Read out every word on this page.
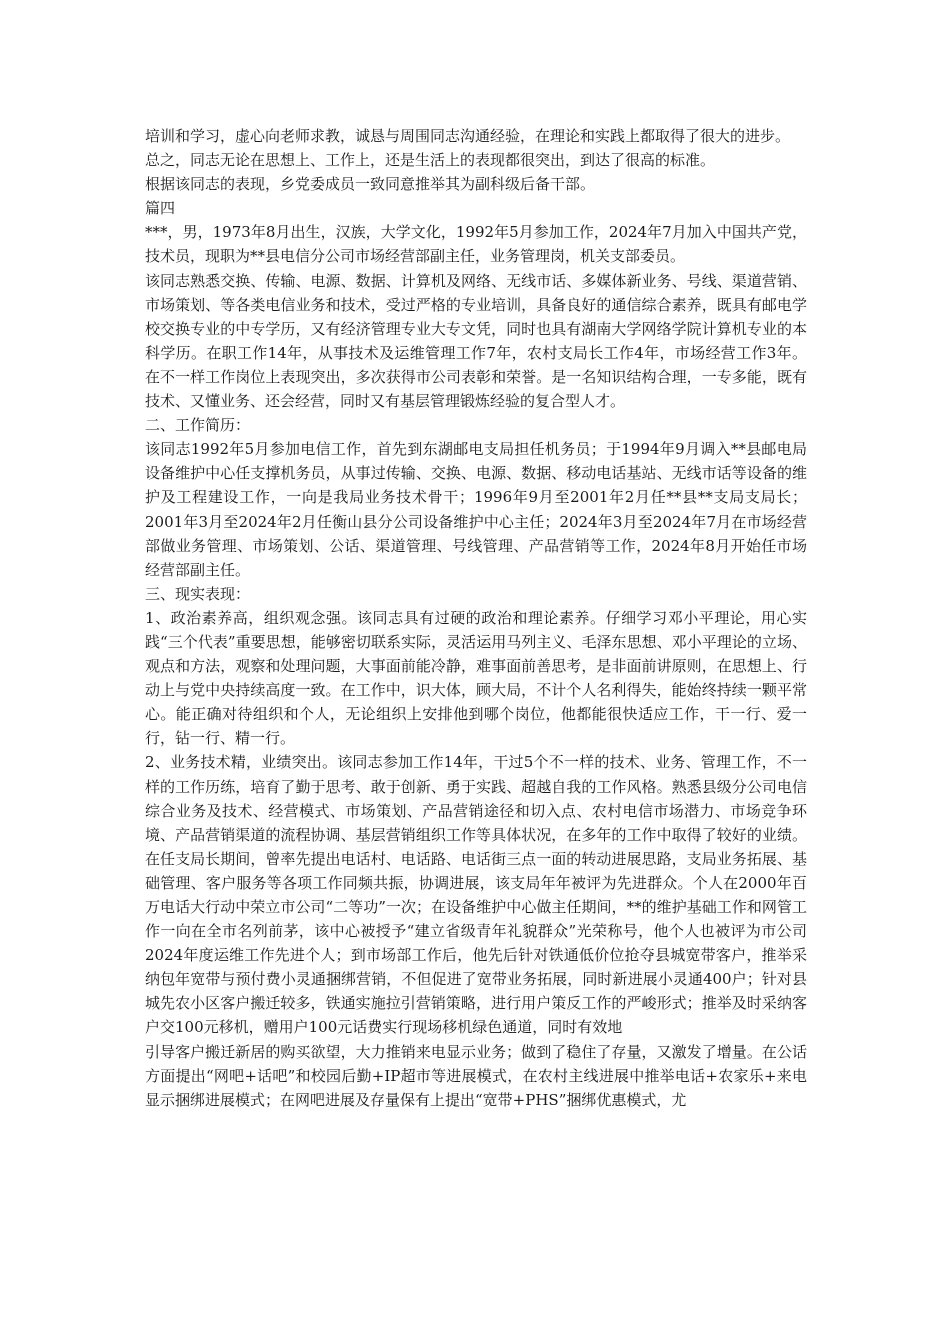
培训和学习，虚心向老师求教，诚恳与周围同志沟通经验，在理论和实践上都取得了很大的进步。

总之，同志无论在思想上、工作上，还是生活上的表现都很突出，到达了很高的标准。

根据该同志的表现，乡党委成员一致同意推举其为副科级后备干部。

篇四

***，男，1973年8月出生，汉族，大学文化，1992年5月参加工作，2024年7月加入中国共产党，技术员，现职为**县电信分公司市场经营部副主任，业务管理岗，机关支部委员。

该同志熟悉交换、传输、电源、数据、计算机及网络、无线市话、多媒体新业务、号线、渠道营销、市场策划、等各类电信业务和技术，受过严格的专业培训，具备良好的通信综合素养，既具有邮电学校交换专业的中专学历，又有经济管理专业大专文凭，同时也具有湖南大学网络学院计算机专业的本科学历。在职工作14年，从事技术及运维管理工作7年，农村支局长工作4年，市场经营工作3年。在不一样工作岗位上表现突出，多次获得市公司表彰和荣誉。是一名知识结构合理，一专多能，既有技术、又懂业务、还会经营，同时又有基层管理锻炼经验的复合型人才。

二、工作简历：

该同志1992年5月参加电信工作，首先到东湖邮电支局担任机务员；于1994年9月调入**县邮电局设备维护中心任支撑机务员，从事过传输、交换、电源、数据、移动电话基站、无线市话等设备的维护及工程建设工作，一向是我局业务技术骨干；1996年9月至2001年2月任**县**支局支局长；2001年3月至2024年2月任衡山县分公司设备维护中心主任；2024年3月至2024年7月在市场经营部做业务管理、市场策划、公话、渠道管理、号线管理、产品营销等工作，2024年8月开始任市场经营部副主任。

三、现实表现：

1、政治素养高，组织观念强。该同志具有过硬的政治和理论素养。仔细学习邓小平理论，用心实践“三个代表”重要思想，能够密切联系实际，灵活运用马列主义、毛泽东思想、邓小平理论的立场、观点和方法，观察和处理问题，大事面前能冷静，难事面前善思考，是非面前讲原则，在思想上、行动上与党中央持续高度一致。在工作中，识大体，顾大局，不计个人名利得失，能始终持续一颗平常心。能正确对待组织和个人，无论组织上安排他到哪个岗位，他都能很快适应工作，干一行、爱一行，钻一行、精一行。

2、业务技术精，业绩突出。该同志参加工作14年，干过5个不一样的技术、业务、管理工作，不一样的工作历练，培育了勤于思考、敢于创新、勇于实践、超越自我的工作风格。熟悉县级分公司电信综合业务及技术、经营模式、市场策划、产品营销途径和切入点、农村电信市场潜力、市场竞争环境、产品营销渠道的流程协调、基层营销组织工作等具体状况，在多年的工作中取得了较好的业绩。在任支局长期间，曾率先提出电话村、电话路、电话街三点一面的转动进展思路，支局业务拓展、基础管理、客户服务等各项工作同频共振，协调进展，该支局年年被评为先进群众。个人在2000年百万电话大行动中荣立市公司“二等功”一次；在设备维护中心做主任期间，**的维护基础工作和网管工作一向在全市名列前茅，该中心被授予“建立省级青年礼貌群众”光荣称号，他个人也被评为市公司2024年度运维工作先进个人；到市场部工作后，他先后针对铁通低价位抢夺县城宽带客户，推举采纳包年宽带与预付费小灵通捆绑营销，不但促进了宽带业务拓展，同时新进展小灵通400户；针对县城先农小区客户搬迁较多，铁通实施拉引营销策略，进行用户策反工作的严峻形式；推举及时采纳客户交100元移机，赠用户100元话费实行现场移机绿色通道，同时有效地

引导客户搬迁新居的购买欲望，大力推销来电显示业务；做到了稳住了存量，又激发了增量。在公话方面提出“网吧+话吧”和校园后勤+IP超市等进展模式，在农村主线进展中推举电话+农家乐+来电显示捆绑进展模式；在网吧进展及存量保有上提出“宽带+PHS”捆绑优惠模式，尤
